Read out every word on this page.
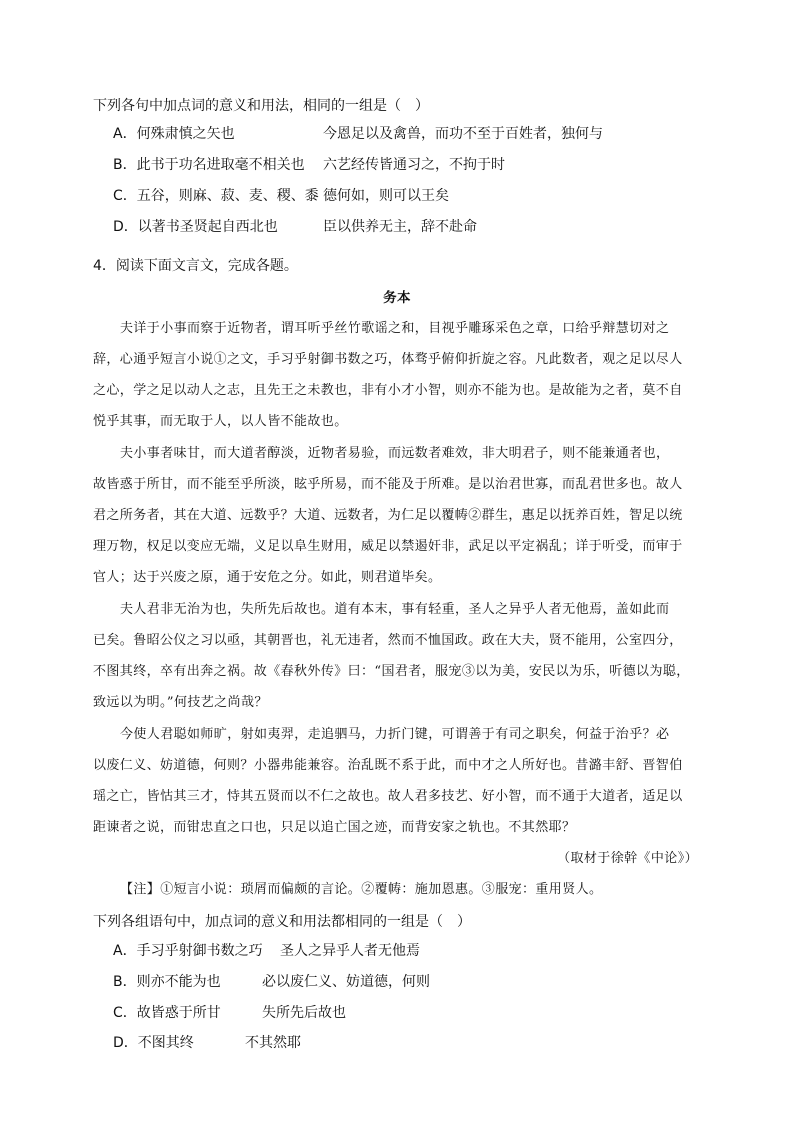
下列各句中加点词的意义和用法，相同的一组是（　）
A．何殊肃慎之矢也	今恩足以及禽兽，而功不至于百姓者，独何与
B．此书于功名进取毫不相关也 六艺经传皆通习之，不拘于时
C．五谷，则麻、菽、麦、稷、黍 德何如，则可以王矣
D．以著书圣贤起自西北也	臣以供养无主，辞不赴命
4．阅读下面文言文，完成各题。
务本
夫详于小事而察于近物者，谓耳听乎丝竹歌谣之和，目视乎雕琢采色之章，口给乎辩慧切对之
辞，心通乎短言小说①之文，手习乎射御书数之巧，体骛乎俯仰折旋之容。凡此数者，观之足以尽人
之心，学之足以动人之志，且先王之未教也，非有小才小智，则亦不能为也。是故能为之者，莫不自
悦乎其事，而无取于人，以人皆不能故也。
夫小事者味甘，而大道者醇淡，近物者易验，而远数者难效，非大明君子，则不能兼通者也，
故皆惑于所甘，而不能至乎所淡，眩乎所易，而不能及于所难。是以治君世寡，而乱君世多也。故人
君之所务者，其在大道、远数乎？大道、远数者，为仁足以覆帱②群生，惠足以抚养百姓，智足以统
理万物，权足以变应无端，义足以阜生财用，威足以禁遏奸非，武足以平定祸乱；详于听受，而审于
官人；达于兴废之原，通于安危之分。如此，则君道毕矣。
夫人君非无治为也，失所先后故也。道有本末，事有轻重，圣人之异乎人者无他焉，盖如此而
已矣。鲁昭公仪之习以亟，其朝晋也，礼无违者，然而不恤国政。政在大夫，贤不能用，公室四分，
不图其终，卒有出奔之祸。故《春秋外传》曰：“国君者，服宠③以为美，安民以为乐，听德以为聪，
致远以为明。”何技艺之尚哉？
今使人君聪如师旷，射如夷羿，走追驷马，力折门键，可谓善于有司之职矣，何益于治乎？必
以废仁义、妨道德，何则？小器弗能兼容。治乱既不系于此，而中才之人所好也。昔潞丰舒、晋智伯
瑶之亡，皆怙其三才，恃其五贤而以不仁之故也。故人君多技艺、好小智，而不通于大道者，适足以
距谏者之说，而钳忠直之口也，只足以追亡国之迹，而背安家之轨也。不其然耶？
（取材于徐幹《中论》）
【注】①短言小说：琐屑而偏颇的言论。②覆帱：施加恩惠。③服宠：重用贤人。
下列各组语句中，加点词的意义和用法都相同的一组是（　）
A．手习乎射御书数之巧 圣人之异乎人者无他焉
B．则亦不能为也	必以废仁义、妨道德，何则
C．故皆惑于所甘	失所先后故也
D．不图其终	不其然耶
